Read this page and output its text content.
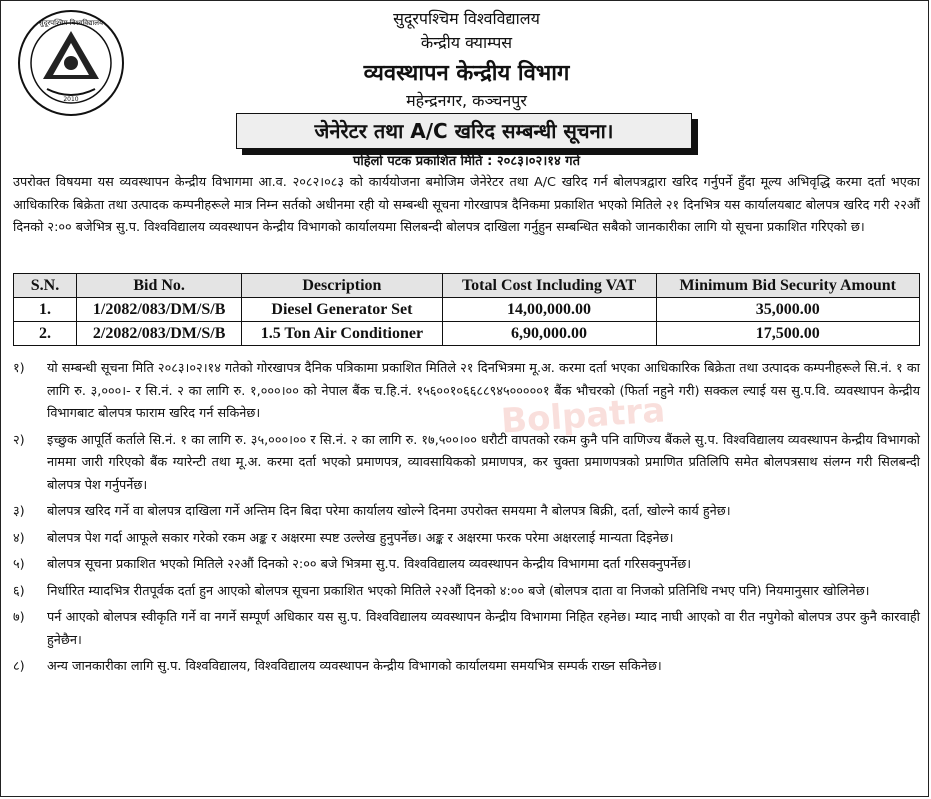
सुदूरपश्चिम विश्वविद्यालय
2010
सुदूरपश्चिम विश्वविद्यालय
केन्द्रीय क्याम्पस
व्यवस्थापन केन्द्रीय विभाग
महेन्द्रनगर, कञ्चनपुर
जेनेरेटर तथा A/C खरिद सम्बन्धी सूचना।
पहिलो पटक प्रकाशित मिति : २०८३।०२।१४ गते
उपरोक्त विषयमा यस व्यवस्थापन केन्द्रीय विभागमा आ.व. २०८२।०८३ को कार्ययोजना बमोजिम जेनेरेटर तथा A/C खरिद गर्न बोलपत्रद्वारा खरिद गर्नुपर्ने हुँदा मूल्य अभिवृद्धि करमा दर्ता भएका आधिकारिक बिक्रेता तथा उत्पादक कम्पनीहरूले मात्र निम्न सर्तको अधीनमा रही यो सम्बन्धी सूचना गोरखापत्र दैनिकमा प्रकाशित भएको मितिले २१ दिनभित्र यस कार्यालयबाट बोलपत्र खरिद गरी २२औं दिनको २:०० बजेभित्र सु.प. विश्वविद्यालय व्यवस्थापन केन्द्रीय विभागको कार्यालयमा सिलबन्दी बोलपत्र दाखिला गर्नुहुन सम्बन्धित सबैको जानकारीका लागि यो सूचना प्रकाशित गरिएको छ।
S.N.	Bid No.	Description	Total Cost Including VAT	Minimum Bid Security Amount
1.	1/2082/083/DM/S/B	Diesel Generator Set	14,00,000.00	35,000.00
2.	2/2082/083/DM/S/B	1.5 Ton Air Conditioner	6,90,000.00	17,500.00
१) यो सम्बन्धी सूचना मिति २०८३।०२।१४ गतेको गोरखापत्र दैनिक पत्रिकामा प्रकाशित मितिले २१ दिनभित्रमा मू.अ. करमा दर्ता भएका आधिकारिक बिक्रेता तथा उत्पादक कम्पनीहरूले सि.नं. १ का लागि रु. ३,०००।- र सि.नं. २ का लागि रु. १,०००।०० को नेपाल बैंक च.हि.नं. १५६००१०६६८८९४५०००००१ बैंक भौचरको (फिर्ता नहुने गरी) सक्कल ल्याई यस सु.प.वि. व्यवस्थापन केन्द्रीय विभागबाट बोलपत्र फाराम खरिद गर्न सकिनेछ।
२) इच्छुक आपूर्ति कर्ताले सि.नं. १ का लागि रु. ३५,०००।०० र सि.नं. २ का लागि रु. १७,५००।०० धरौटी वापतको रकम कुनै पनि वाणिज्य बैंकले सु.प. विश्वविद्यालय व्यवस्थापन केन्द्रीय विभागको नाममा जारी गरिएको बैंक ग्यारेन्टी तथा मू.अ. करमा दर्ता भएको प्रमाणपत्र, व्यावसायिकको प्रमाणपत्र, कर चुक्ता प्रमाणपत्रको प्रमाणित प्रतिलिपि समेत बोलपत्रसाथ संलग्न गरी सिलबन्दी बोलपत्र पेश गर्नुपर्नेछ।
३) बोलपत्र खरिद गर्ने वा बोलपत्र दाखिला गर्ने अन्तिम दिन बिदा परेमा कार्यालय खोल्ने दिनमा उपरोक्त समयमा नै बोलपत्र बिक्री, दर्ता, खोल्ने कार्य हुनेछ।
४) बोलपत्र पेश गर्दा आफूले सकार गरेको रकम अङ्क र अक्षरमा स्पष्ट उल्लेख हुनुपर्नेछ। अङ्क र अक्षरमा फरक परेमा अक्षरलाई मान्यता दिइनेछ।
५) बोलपत्र सूचना प्रकाशित भएको मितिले २२औं दिनको २:०० बजे भित्रमा सु.प. विश्वविद्यालय व्यवस्थापन केन्द्रीय विभागमा दर्ता गरिसक्नुपर्नेछ।
६) निर्धारित म्यादभित्र रीतपूर्वक दर्ता हुन आएको बोलपत्र सूचना प्रकाशित भएको मितिले २२औं दिनको ४:०० बजे (बोलपत्र दाता वा निजको प्रतिनिधि नभए पनि) नियमानुसार खोलिनेछ।
७) पर्न आएको बोलपत्र स्वीकृति गर्ने वा नगर्ने सम्पूर्ण अधिकार यस सु.प. विश्वविद्यालय व्यवस्थापन केन्द्रीय विभागमा निहित रहनेछ। म्याद नाघी आएको वा रीत नपुगेको बोलपत्र उपर कुनै कारवाही हुनेछैन।
८) अन्य जानकारीका लागि सु.प. विश्वविद्यालय, विश्वविद्यालय व्यवस्थापन केन्द्रीय विभागको कार्यालयमा समयभित्र सम्पर्क राख्न सकिनेछ।
Bolpatra
